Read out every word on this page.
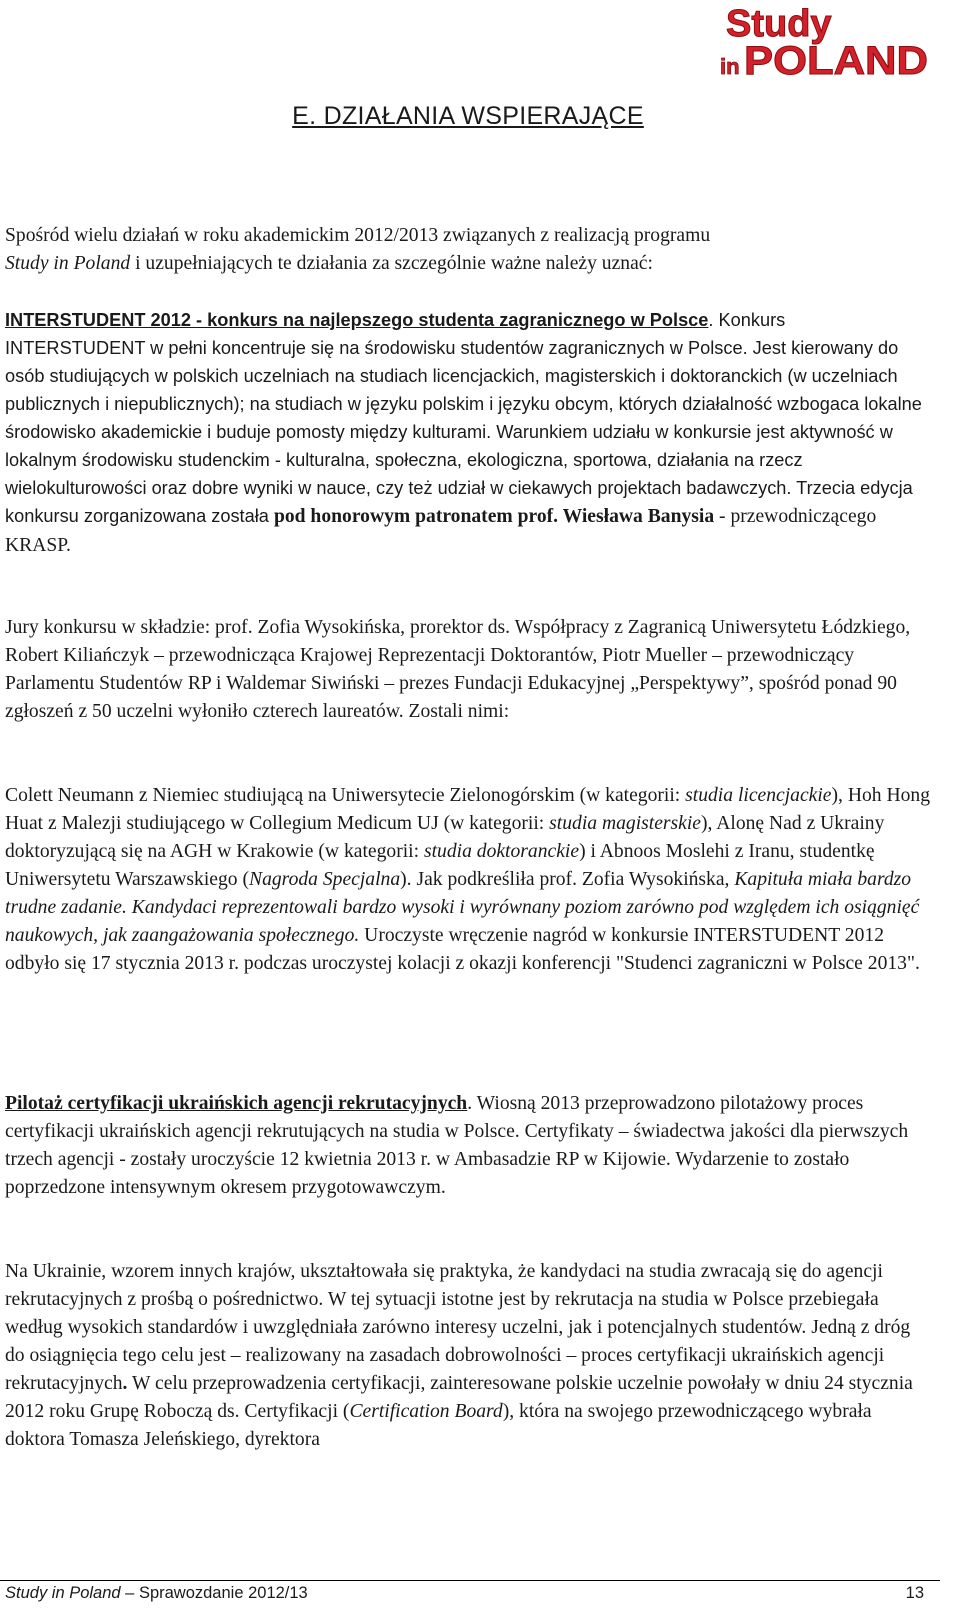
Study
in POLAND
E. DZIAŁANIA WSPIERAJĄCE

Spośród wielu działań w roku akademickim 2012/2013 związanych z realizacją programu
Study in Poland i uzupełniających te działania za szczególnie ważne należy uznać:

INTERSTUDENT 2012 - konkurs na najlepszego studenta zagranicznego w Polsce. Konkurs INTERSTUDENT w pełni koncentruje się na środowisku studentów zagranicznych w Polsce. Jest kierowany do osób studiujących w polskich uczelniach na studiach licencjackich, magisterskich i doktoranckich (w uczelniach publicznych i niepublicznych); na studiach w języku polskim i języku obcym, których działalność wzbogaca lokalne środowisko akademickie i buduje pomosty między kulturami. Warunkiem udziału w konkursie jest aktywność w lokalnym środowisku studenckim - kulturalna, społeczna, ekologiczna, sportowa, działania na rzecz wielokulturowości oraz dobre wyniki w nauce, czy też udział w ciekawych projektach badawczych. Trzecia edycja konkursu zorganizowana została pod honorowym patronatem prof. Wiesława Banysia - przewodniczącego KRASP.

Jury konkursu w składzie: prof. Zofia Wysokińska, prorektor ds. Współpracy z Zagranicą Uniwersytetu Łódzkiego, Robert Kiliańczyk – przewodnicząca Krajowej Reprezentacji Doktorantów, Piotr Mueller – przewodniczący Parlamentu Studentów RP i Waldemar Siwiński – prezes Fundacji Edukacyjnej „Perspektywy”, spośród ponad 90 zgłoszeń z 50 uczelni wyłoniło czterech laureatów. Zostali nimi:

Colett Neumann z Niemiec studiującą na Uniwersytecie Zielonogórskim (w kategorii: studia licencjackie), Hoh Hong Huat z Malezji studiującego w Collegium Medicum UJ (w kategorii: studia magisterskie), Alonę Nad z Ukrainy doktoryzującą się na AGH w Krakowie (w kategorii: studia doktoranckie) i Abnoos Moslehi z Iranu, studentkę Uniwersytetu Warszawskiego (Nagroda Specjalna). Jak podkreśliła prof. Zofia Wysokińska, Kapituła miała bardzo trudne zadanie. Kandydaci reprezentowali bardzo wysoki i wyrównany poziom zarówno pod względem ich osiągnięć naukowych, jak zaangażowania społecznego. Uroczyste wręczenie nagród w konkursie INTERSTUDENT 2012 odbyło się 17 stycznia 2013 r. podczas uroczystej kolacji z okazji konferencji "Studenci zagraniczni w Polsce 2013".

Pilotaż certyfikacji ukraińskich agencji rekrutacyjnych. Wiosną 2013 przeprowadzono pilotażowy proces certyfikacji ukraińskich agencji rekrutujących na studia w Polsce. Certyfikaty – świadectwa jakości dla pierwszych trzech agencji - zostały uroczyście 12 kwietnia 2013 r. w Ambasadzie RP w Kijowie. Wydarzenie to zostało poprzedzone intensywnym okresem przygotowawczym.

Na Ukrainie, wzorem innych krajów, ukształtowała się praktyka, że kandydaci na studia zwracają się do agencji rekrutacyjnych z prośbą o pośrednictwo. W tej sytuacji istotne jest by rekrutacja na studia w Polsce przebiegała według wysokich standardów i uwzględniała zarówno interesy uczelni, jak i potencjalnych studentów. Jedną z dróg do osiągnięcia tego celu jest – realizowany na zasadach dobrowolności – proces certyfikacji ukraińskich agencji rekrutacyjnych. W celu przeprowadzenia certyfikacji, zainteresowane polskie uczelnie powołały w dniu 24 stycznia 2012 roku Grupę Roboczą ds. Certyfikacji (Certification Board), która na swojego przewodniczącego wybrała doktora Tomasza Jeleńskiego, dyrektora

Study in Poland – Sprawozdanie 2012/13	13
